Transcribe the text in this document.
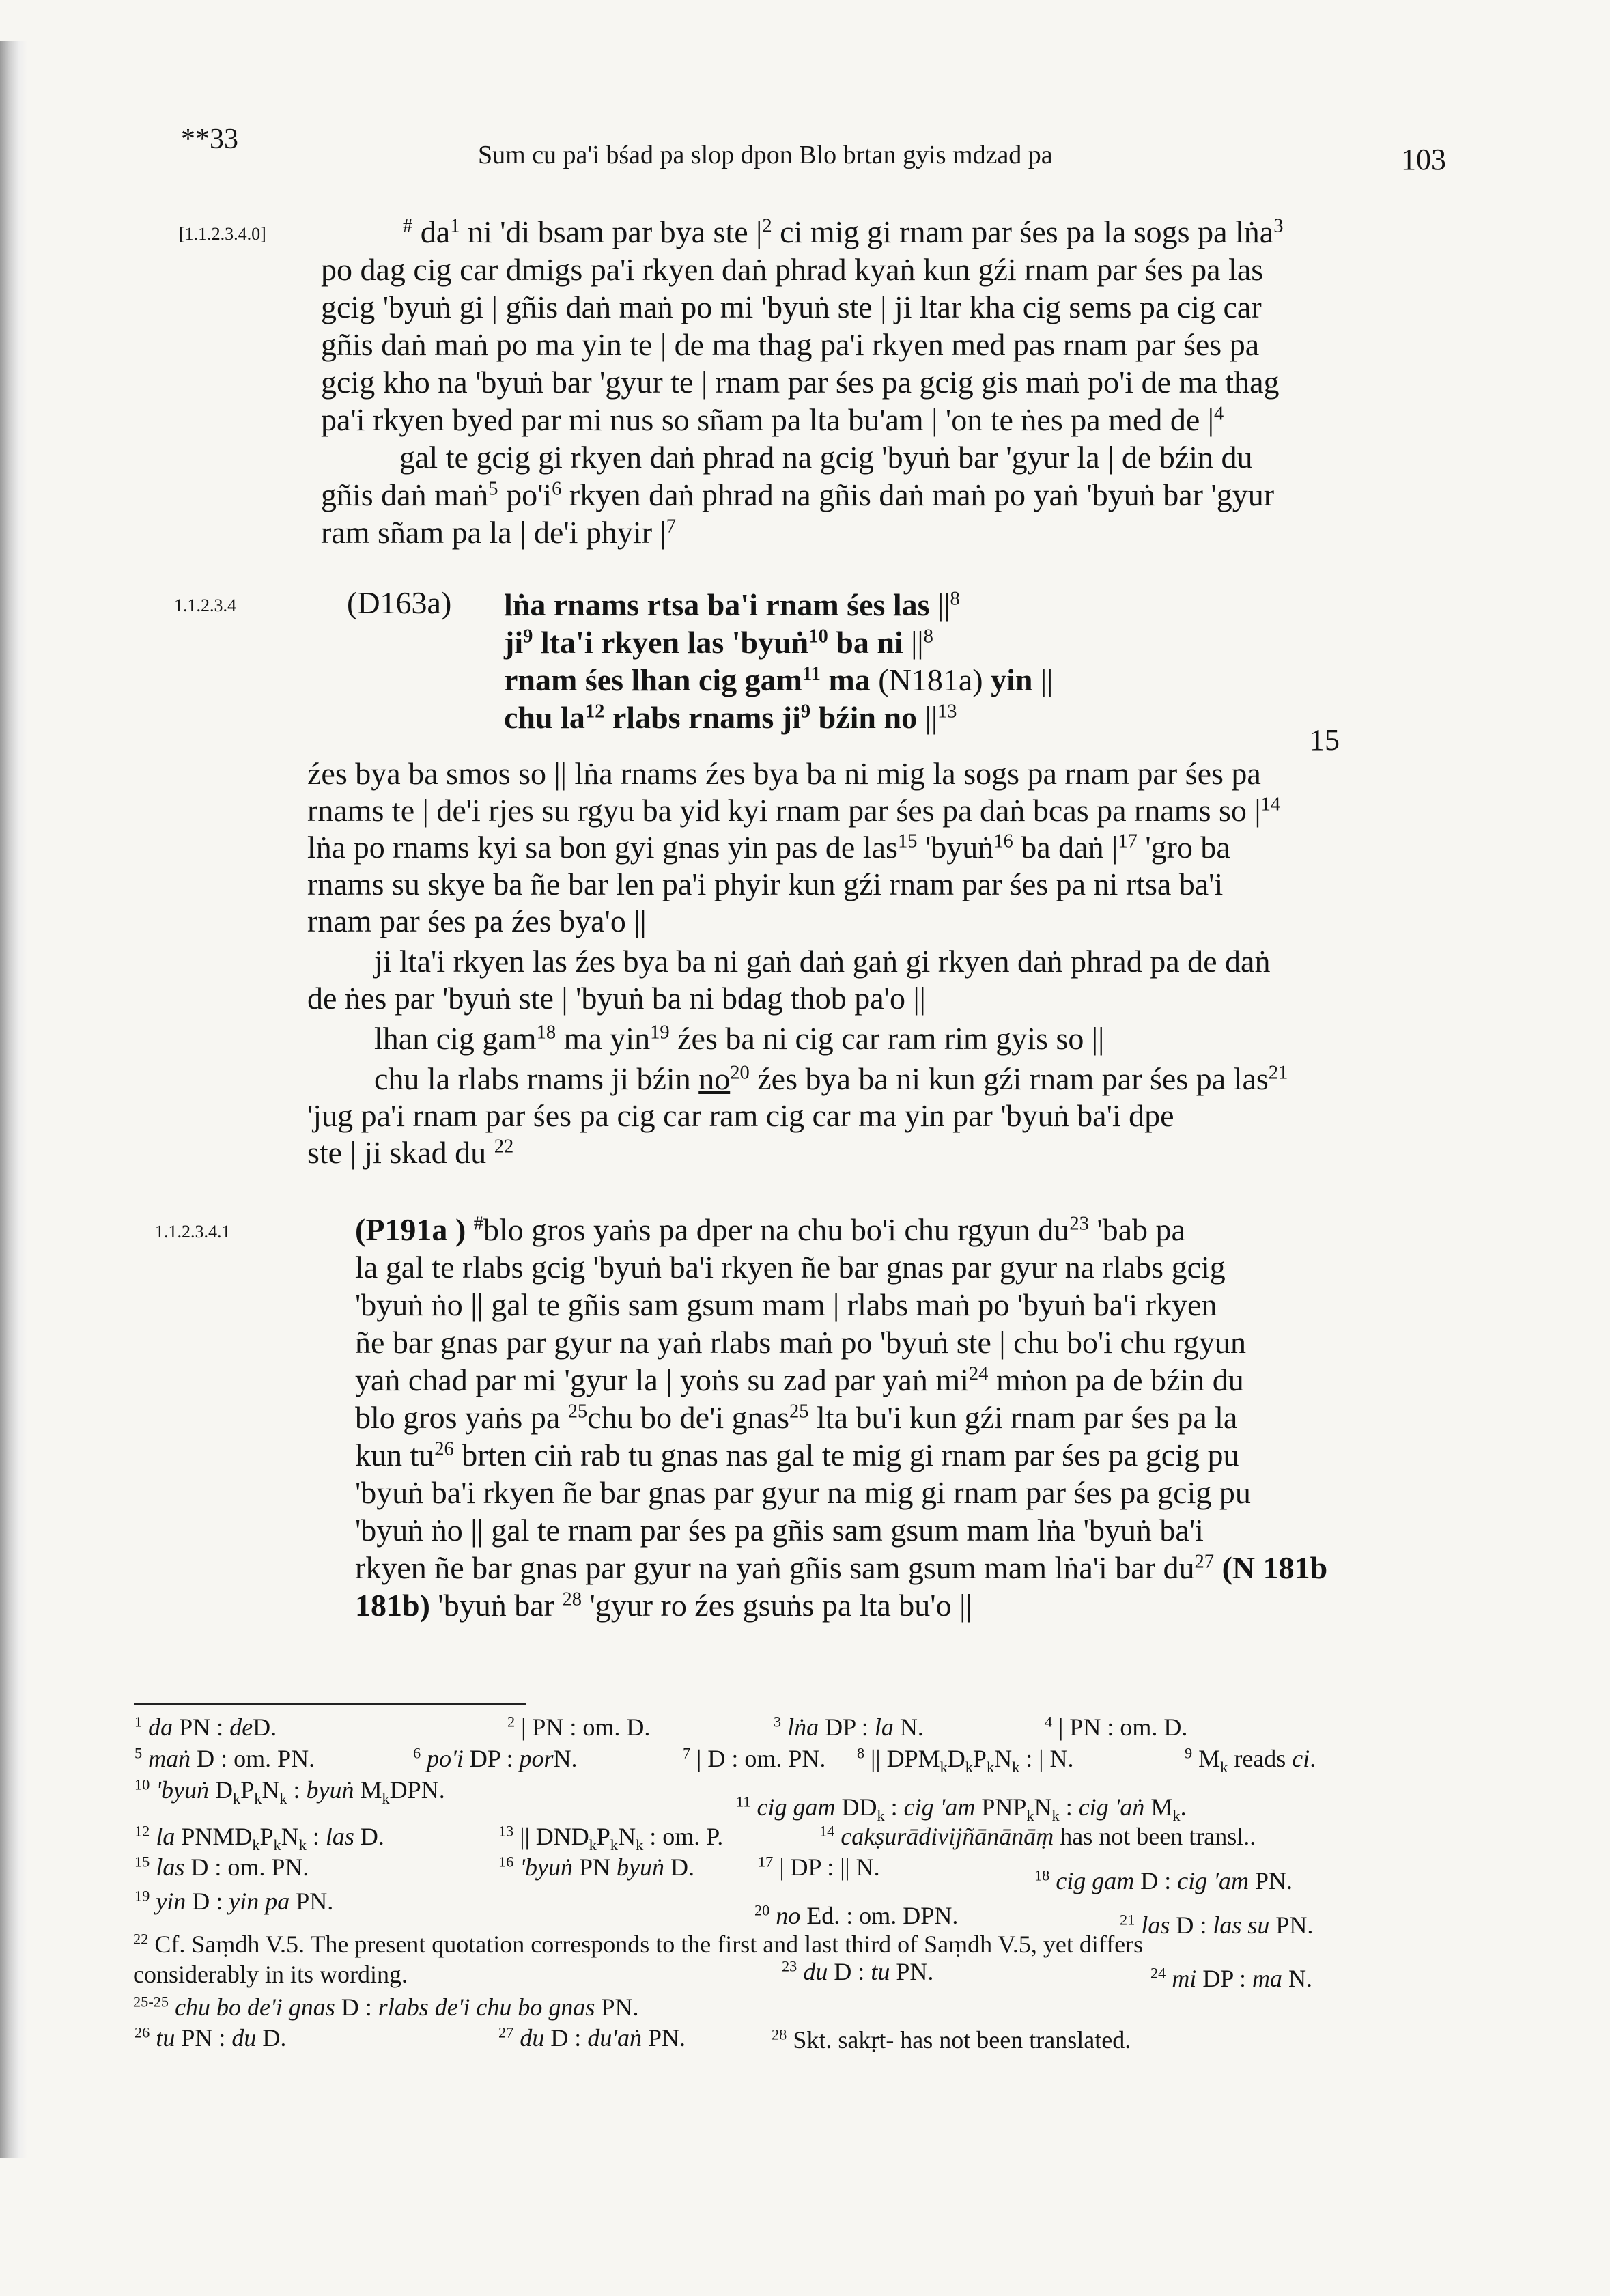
**33	Sum cu pa'i bśad pa slop dpon Blo brtan gyis mdzad pa	103
[1.1.2.3.4.0]
1.1.2.3.4
1.1.2.3.4.1
# $da^1$ ni 'di bsam par bya ste $|^2$ ci mig gi rnam par śes pa la sogs pa lṅa$^3$
po dag cig car dmigs pa'i rkyen daṅ phrad kyaṅ kun gźi rnam par śes pa las
gcig 'byuṅ gi | gñis daṅ maṅ po mi 'byuṅ ste | ji ltar kha cig sems pa cig car
gñis daṅ maṅ po ma yin te | de ma thag pa'i rkyen med pas rnam par śes pa
gcig kho na 'byuṅ bar 'gyur te | rnam par śes pa gcig gis maṅ po'i de ma thag
pa'i rkyen byed par mi nus so sñam pa lta bu'am | 'on te ṅes pa med de $|^4$
gal te gcig gi rkyen daṅ phrad na gcig 'byuṅ bar 'gyur la | de bźin du
gñis daṅ maṅ$^5$ $po'i^6$ rkyen daṅ phrad na gñis daṅ maṅ po yaṅ 'byuṅ bar 'gyur
ram sñam pa la | de'i phyir $|^7$
(D163a) lṅa rnams rtsa ba'i rnam śes las $||^8$
$ji^9$ lta'i rkyen las 'byuṅ$^{10}$ ba ni $||^8$
rnam śes lhan cig gam$^{11}$ ma (N181a) yin ||
chu $la^{12}$ rlabs rnams $ji^9$ bźin no $||^{13}$
15
źes bya ba smos so || lṅa rnams źes bya ba ni mig la sogs pa rnam par śes pa
rnams te | de'i rjes su rgyu ba yid kyi rnam par śes pa daṅ bcas pa rnams so $|^{14}$
lṅa po rnams kyi sa bon gyi gnas yin pas de las$^{15}$ 'byuṅ$^{16}$ ba daṅ $|^{17}$ 'gro ba
rnams su skye ba ñe bar len pa'i phyir kun gźi rnam par śes pa ni rtsa ba'i
rnam par śes pa źes bya'o ||
ji lta'i rkyen las źes bya ba ni gaṅ daṅ gaṅ gi rkyen daṅ phrad pa de daṅ
de ṅes par 'byuṅ ste | 'byuṅ ba ni bdag thob pa'o ||
lhan cig gam$^{18}$ ma yin$^{19}$ źes ba ni cig car ram rim gyis so ||
chu la rlabs rnams ji bźin $no^{20}$ źes bya ba ni kun gźi rnam par śes pa las$^{21}$
'jug pa'i rnam par śes pa cig car ram cig car ma yin par 'byuṅ ba'i dpe
ste | ji skad du $^{22}$
(P191a ) #blo gros yaṅs pa dper na chu bo'i chu rgyun $du^{23}$ 'bab pa
la gal te rlabs gcig 'byuṅ ba'i rkyen ñe bar gnas par gyur na rlabs gcig
'byuṅ ṅo || gal te gñis sam gsum mam | rlabs maṅ po 'byuṅ ba'i rkyen
ñe bar gnas par gyur na yaṅ rlabs maṅ po 'byuṅ ste | chu bo'i chu rgyun
yaṅ chad par mi 'gyur la | yoṅs su zad par yaṅ $mi^{24}$ mṅon pa de bźin du
blo gros yaṅs pa $^{25}$chu bo de'i gnas$^{25}$ lta bu'i kun gźi rnam par śes pa la
kun $tu^{26}$ brten ciṅ rab tu gnas nas gal te mig gi rnam par śes pa gcig pu
'byuṅ ba'i rkyen ñe bar gnas par gyur na mig gi rnam par śes pa gcig pu
'byuṅ ṅo || gal te rnam par śes pa gñis sam gsum mam lṅa 'byuṅ ba'i
rkyen ñe bar gnas par gyur na yaṅ gñis sam gsum mam lṅa'i bar $du^{27}$ (N 181b
181b) 'byuṅ bar $^{28}$ 'gyur ro źes gsuṅs pa lta bu'o ||
$^1$ da PN : deD.	$^2$ | PN : om. D.	$^3$ lṅa DP : la N.	$^4$ | PN : om. D.
$^5$ maṅ D : om. PN.	$^6$ po'i DP : porN.	$^7$ | D : om. PN. $^8$ || $DPM_kD_kP_kN_k$ : | N.	$^9$ $M_k$ reads ci.
$^{10}$ 'byuṅ $D_kP_kN_k$ : byuṅ $M_kDPN$.	$^{11}$ cig gam $DD_k$ : cig 'am $PNP_kN_k$ : cig 'aṅ $M_k$.
$^{12}$ la $PNMD_kP_kN_k$ : las D.	$^{13}$ || $DND_kP_kN_k$ : om. P.	$^{14}$ cakṣurādivijñānānāṃ has not been transl..
$^{15}$ las D : om. PN.	$^{16}$ 'byuṅ PN byuṅ D.	$^{17}$ | DP : || N.	$^{18}$ cig gam D : cig 'am PN.
$^{19}$ yin D : yin pa PN.	$^{20}$ no Ed. : om. DPN.	$^{21}$ las D : las su PN.
$^{22}$ Cf. Saṃdh V.5. The present quotation corresponds to the first and last third of Saṃdh V.5, yet differs
considerably in its wording.	$^{23}$ du D : tu PN.	$^{24}$ mi DP : ma N.
$^{25-25}$ chu bo de'i gnas D : rlabs de'i chu bo gnas PN.
$^{26}$ tu PN : du D.	$^{27}$ du D : du'aṅ PN.	$^{28}$ Skt. sakṛt- has not been translated.
